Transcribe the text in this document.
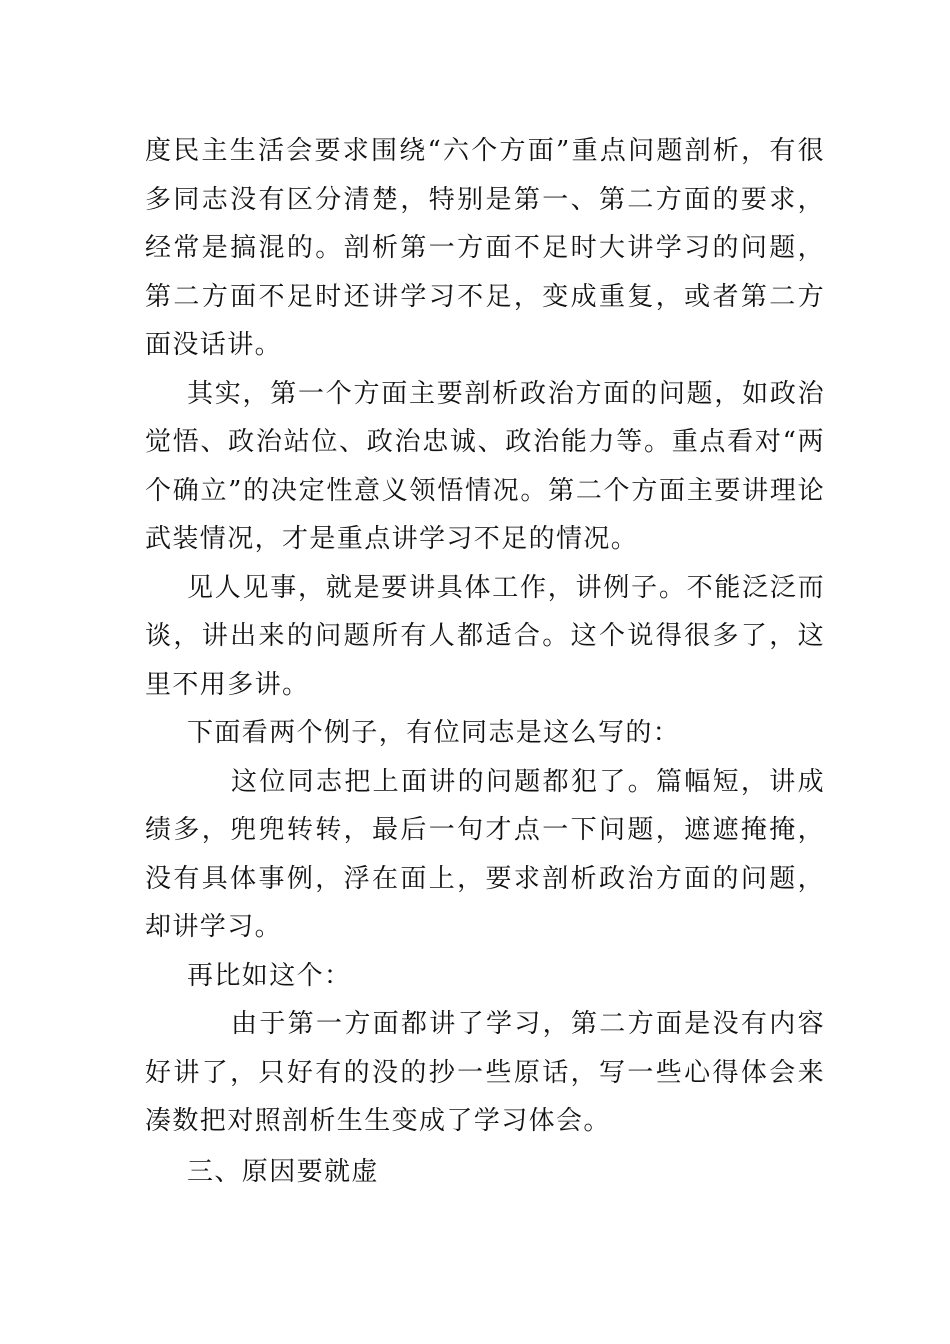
度民主生活会要求围绕“六个方面”重点问题剖析，有很多同志没有区分清楚，特别是第一、第二方面的要求，经常是搞混的。剖析第一方面不足时大讲学习的问题，第二方面不足时还讲学习不足，变成重复，或者第二方面没话讲。

其实，第一个方面主要剖析政治方面的问题，如政治觉悟、政治站位、政治忠诚、政治能力等。重点看对“两个确立”的决定性意义领悟情况。第二个方面主要讲理论武装情况，才是重点讲学习不足的情况。

见人见事，就是要讲具体工作，讲例子。不能泛泛而谈，讲出来的问题所有人都适合。这个说得很多了，这里不用多讲。

下面看两个例子，有位同志是这么写的：

这位同志把上面讲的问题都犯了。篇幅短，讲成绩多，兜兜转转，最后一句才点一下问题，遮遮掩掩，没有具体事例，浮在面上，要求剖析政治方面的问题，却讲学习。

再比如这个：

由于第一方面都讲了学习，第二方面是没有内容好讲了，只好有的没的抄一些原话，写一些心得体会来凑数把对照剖析生生变成了学习体会。

三、原因要就虚
